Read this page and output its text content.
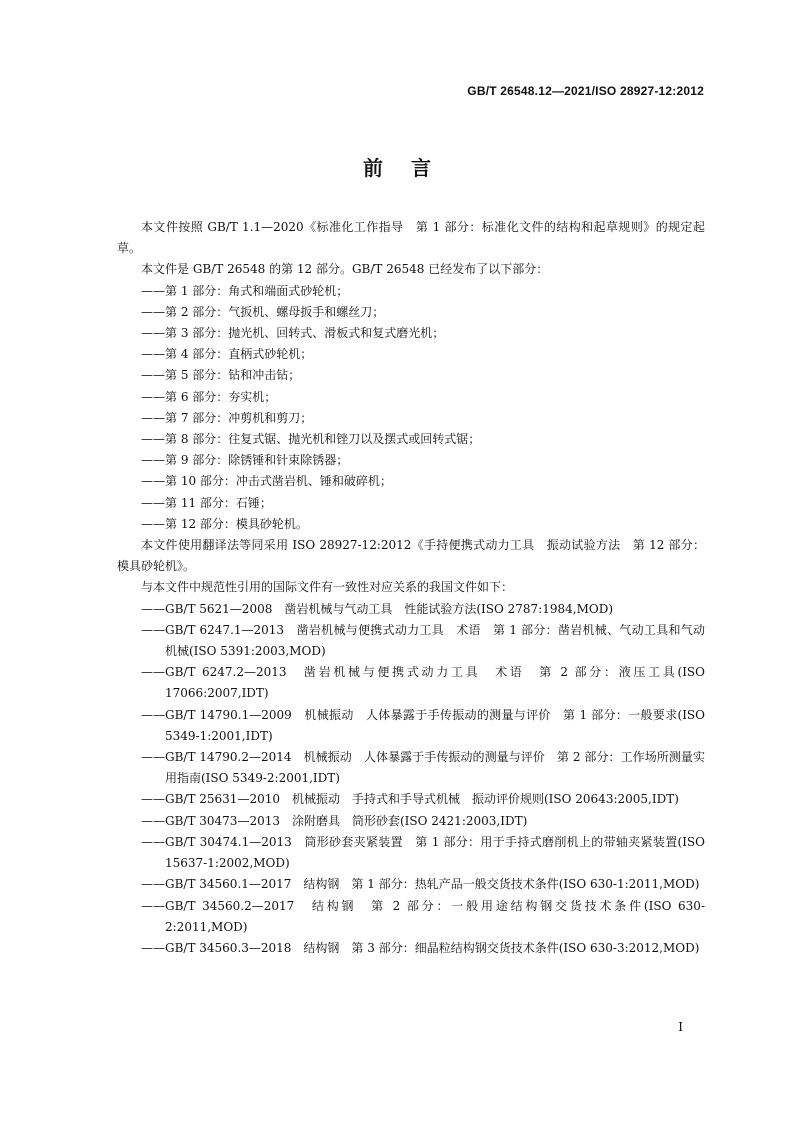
GB/T 26548.12—2021/ISO 28927-12:2012
前言
本文件按照 GB/T 1.1—2020《标准化工作指导　第 1 部分：标准化文件的结构和起草规则》的规定起草。
本文件是 GB/T 26548 的第 12 部分。GB/T 26548 已经发布了以下部分：
——第 1 部分：角式和端面式砂轮机；
——第 2 部分：气扳机、螺母扳手和螺丝刀；
——第 3 部分：抛光机、回转式、滑板式和复式磨光机；
——第 4 部分：直柄式砂轮机；
——第 5 部分：钻和冲击钻；
——第 6 部分：夯实机；
——第 7 部分：冲剪机和剪刀；
——第 8 部分：往复式锯、抛光机和锉刀以及摆式或回转式锯；
——第 9 部分：除锈锤和针束除锈器；
——第 10 部分：冲击式凿岩机、锤和破碎机；
——第 11 部分：石锤；
——第 12 部分：模具砂轮机。
本文件使用翻译法等同采用 ISO 28927-12:2012《手持便携式动力工具　振动试验方法　第 12 部分：模具砂轮机》。
与本文件中规范性引用的国际文件有一致性对应关系的我国文件如下：
——GB/T 5621—2008　凿岩机械与气动工具　性能试验方法(ISO 2787:1984,MOD)
——GB/T 6247.1—2013　凿岩机械与便携式动力工具　术语　第 1 部分：凿岩机械、气动工具和气动机械(ISO 5391:2003,MOD)
——GB/T 6247.2—2013　凿岩机械与便携式动力工具　术语　第 2 部分：液压工具(ISO 17066:2007,IDT)
——GB/T 14790.1—2009　机械振动　人体暴露于手传振动的测量与评价　第 1 部分：一般要求(ISO 5349-1:2001,IDT)
——GB/T 14790.2—2014　机械振动　人体暴露于手传振动的测量与评价　第 2 部分：工作场所测量实用指南(ISO 5349-2:2001,IDT)
——GB/T 25631—2010　机械振动　手持式和手导式机械　振动评价规则(ISO 20643:2005,IDT)
——GB/T 30473—2013　涂附磨具　筒形砂套(ISO 2421:2003,IDT)
——GB/T 30474.1—2013　筒形砂套夹紧装置　第 1 部分：用于手持式磨削机上的带轴夹紧装置(ISO 15637-1:2002,MOD)
——GB/T 34560.1—2017　结构钢　第 1 部分：热轧产品一般交货技术条件(ISO 630-1:2011,MOD)
——GB/T 34560.2—2017　结构钢　第 2 部分：一般用途结构钢交货技术条件(ISO 630-2:2011,MOD)
——GB/T 34560.3—2018　结构钢　第 3 部分：细晶粒结构钢交货技术条件(ISO 630-3:2012,MOD)
I
